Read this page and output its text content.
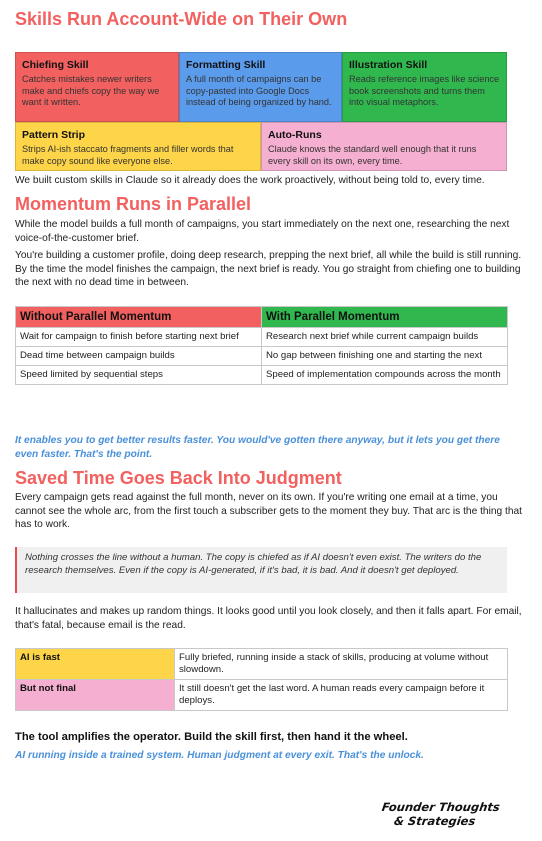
Skills Run Account-Wide on Their Own
Chiefing Skill
Catches mistakes newer writers make and chiefs copy the way we want it written.
Formatting Skill
A full month of campaigns can be copy-pasted into Google Docs instead of being organized by hand.
Illustration Skill
Reads reference images like science book screenshots and turns them into visual metaphors.
Pattern Strip
Strips AI-ish staccato fragments and filler words that make copy sound like everyone else.
Auto-Runs
Claude knows the standard well enough that it runs every skill on its own, every time.

We built custom skills in Claude so it already does the work proactively, without being told to, every time.

Momentum Runs in Parallel

While the model builds a full month of campaigns, you start immediately on the next one, researching the next voice-of-the-customer brief.

You're building a customer profile, doing deep research, prepping the next brief, all while the build is still running. By the time the model finishes the campaign, the next brief is ready. You go straight from chiefing one to building the next with no dead time in between.

Without Parallel Momentum	With Parallel Momentum
Wait for campaign to finish before starting next brief	Research next brief while current campaign builds
Dead time between campaign builds	No gap between finishing one and starting the next
Speed limited by sequential steps	Speed of implementation compounds across the month
It enables you to get better results faster. You would've gotten there anyway, but it lets you get there even faster. That's the point.
Saved Time Goes Back Into Judgment

Every campaign gets read against the full month, never on its own. If you're writing one email at a time, you cannot see the whole arc, from the first touch a subscriber gets to the moment they buy. That arc is the thing that has to work.

Nothing crosses the line without a human. The copy is chiefed as if AI doesn't even exist. The writers do the research themselves. Even if the copy is AI-generated, if it's bad, it is bad. And it doesn't get deployed.

It hallucinates and makes up random things. It looks good until you look closely, and then it falls apart. For email, that's fatal, because email is the read.

AI is fast	Fully briefed, running inside a stack of skills, producing at volume without slowdown.
But not final	It still doesn't get the last word. A human reads every campaign before it deploys.
The tool amplifies the operator. Build the skill first, then hand it the wheel.
AI running inside a trained system. Human judgment at every exit. That's the unlock.
Founder Thoughts
& Strategies
